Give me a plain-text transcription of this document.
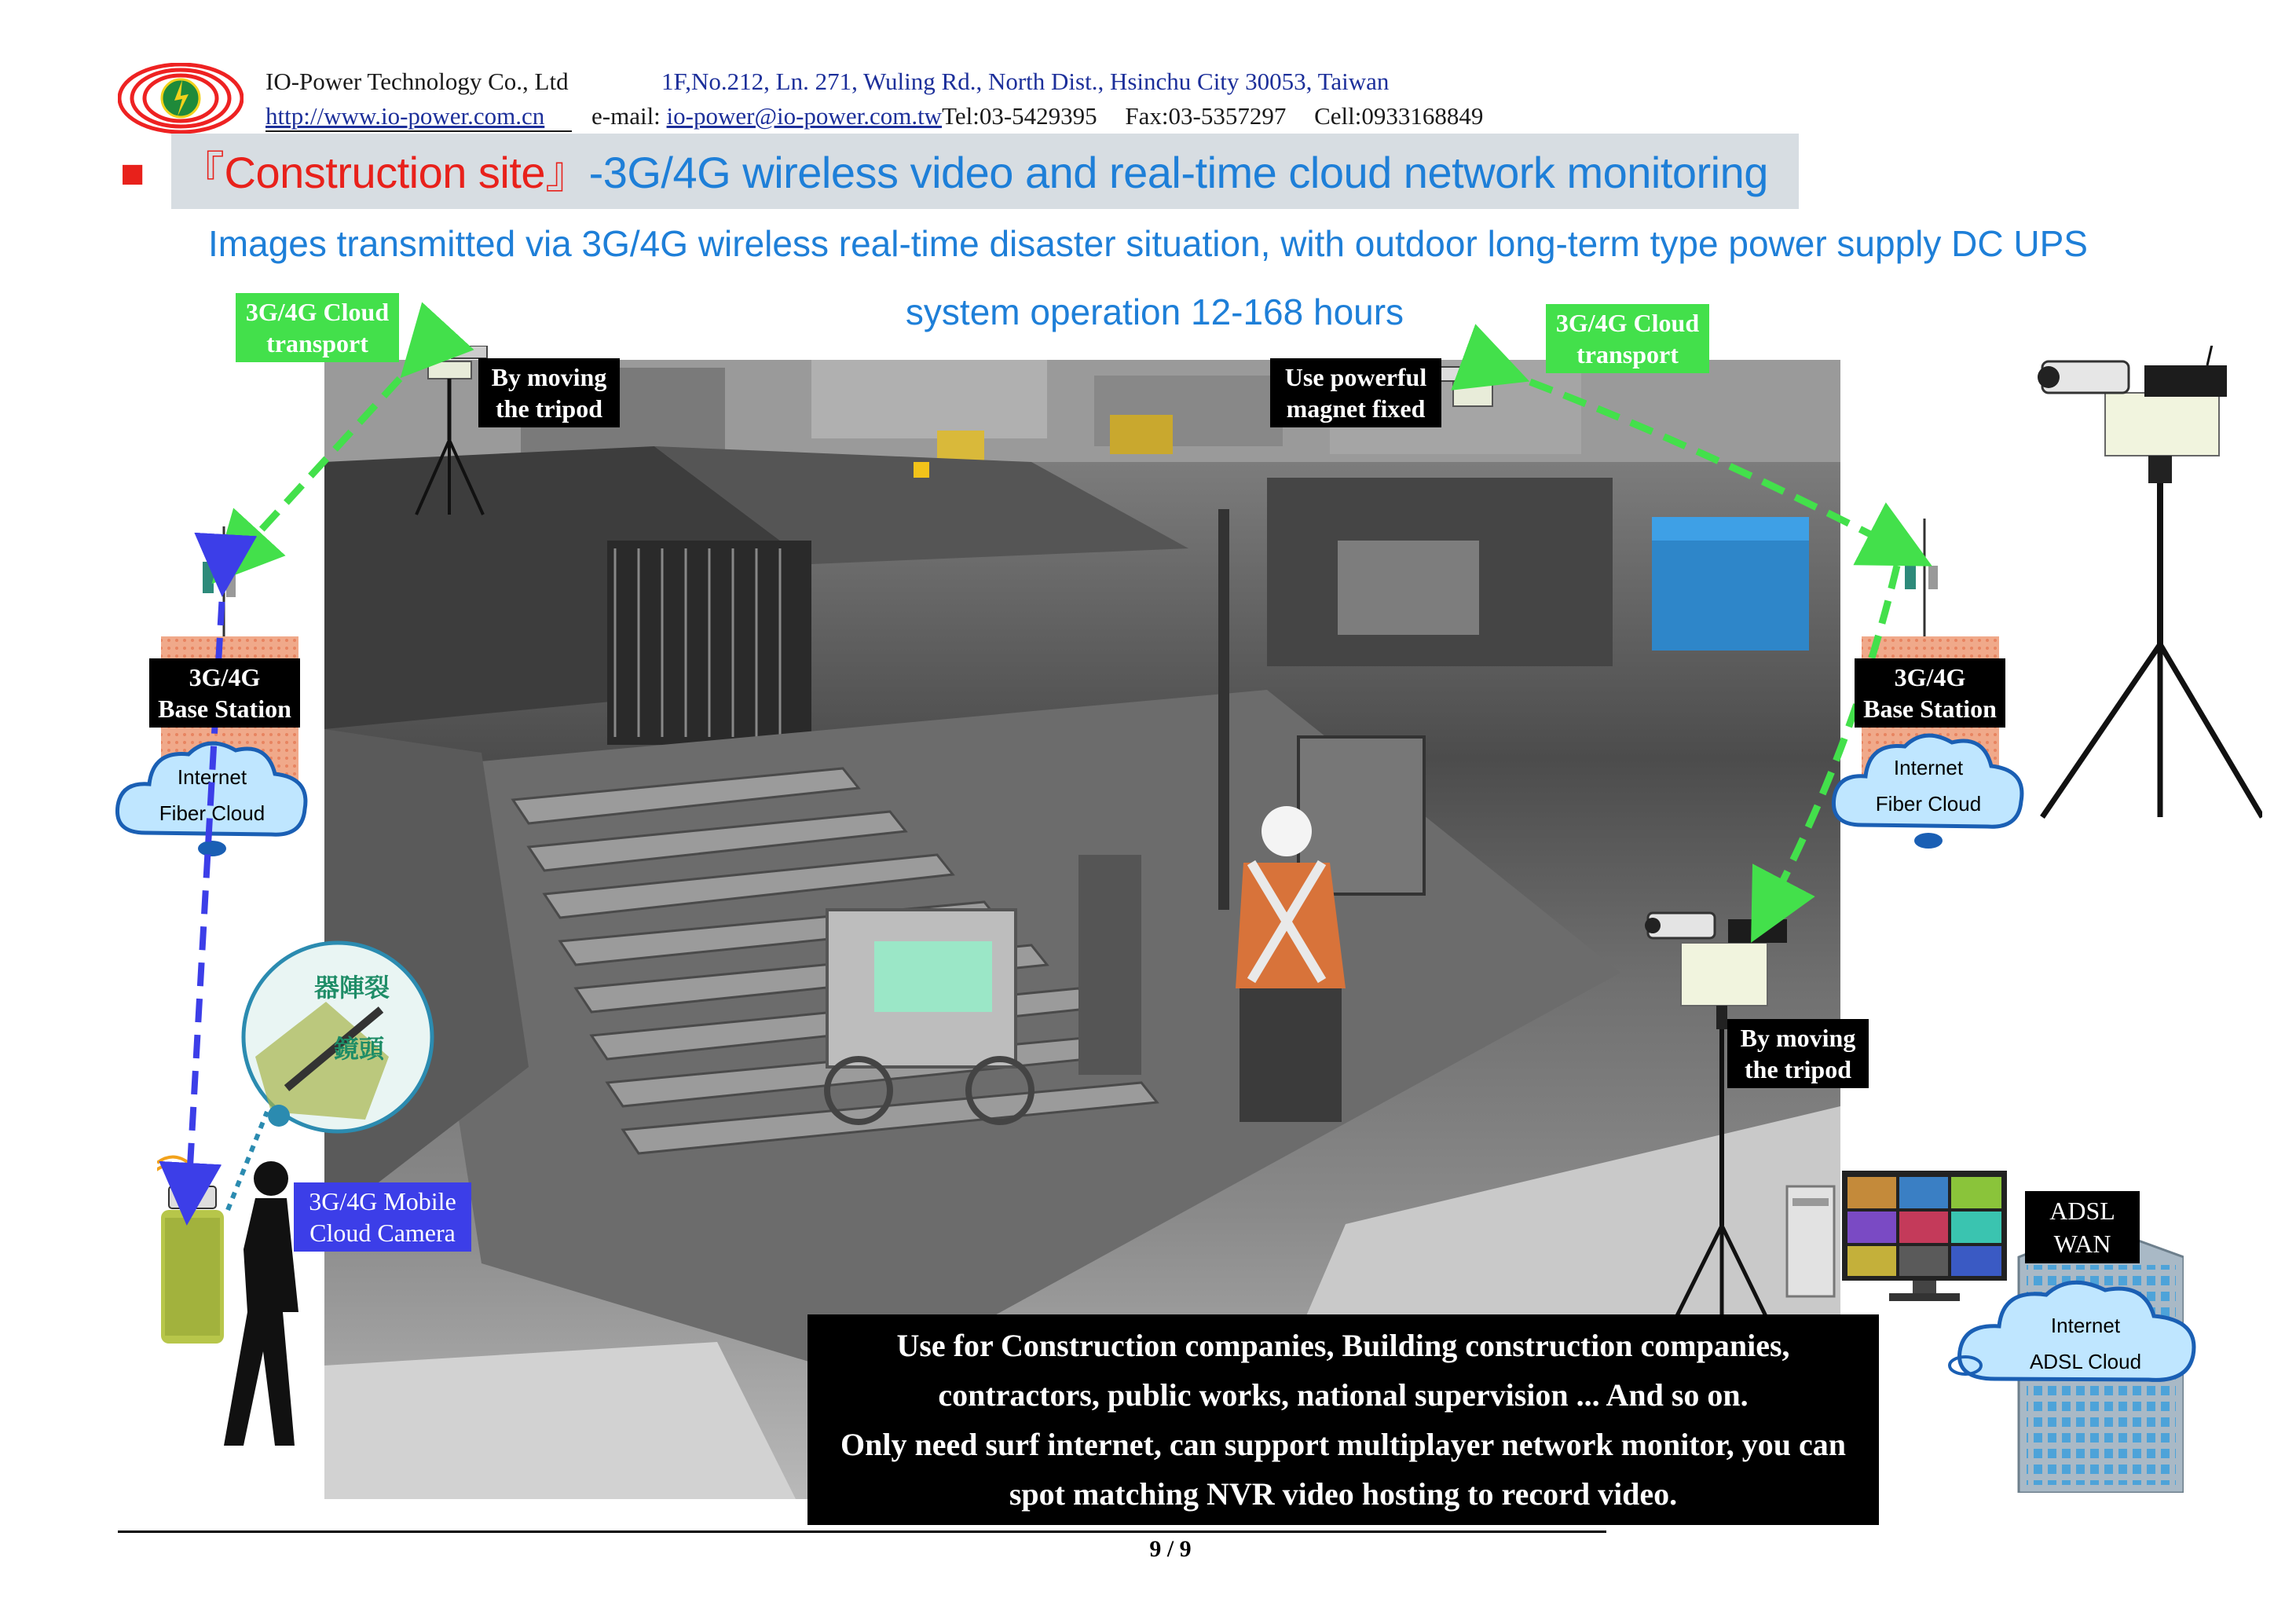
IO-Power Technology Co., Ltd	1F,No.212, Ln. 271, Wuling Rd., North Dist., Hsinchu City 30053, Taiwan
http://www.io-power.com.cn e-mail: io-power@io-power.com.twTel:03-5429395 Fax:03-5357297 Cell:0933168849
■ 『Construction site』-3G/4G wireless video and real-time cloud network monitoring
Images transmitted via 3G/4G wireless real-time disaster situation, with outdoor long-term type power supply DC UPS
system operation 12-168 hours
Internet
Fiber Cloud
Internet
Fiber Cloud
Internet
ADSL Cloud
器陣裂
鏡頭
3G/4G Cloud
transport
3G/4G Cloud
transport
By moving
the tripod
Use powerful
magnet fixed
By moving
the tripod
3G/4G
Base Station
3G/4G
Base Station
3G/4G Mobile
Cloud Camera
ADSL
WAN
Use for Construction companies, Building construction companies,
contractors, public works, national supervision ... And so on.
Only need surf internet, can support multiplayer network monitor, you can
spot matching NVR video hosting to record video.
9 / 9
